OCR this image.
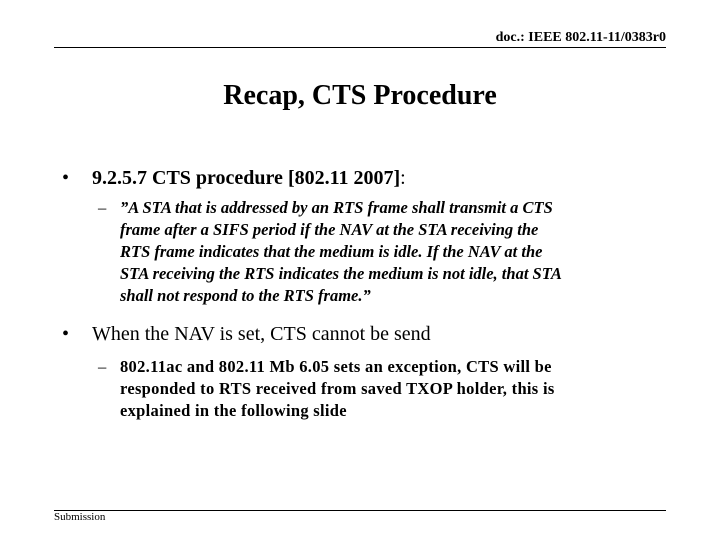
doc.: IEEE 802.11-11/0383r0
Recap, CTS Procedure
• 9.2.5.7 CTS procedure [802.11 2007]:
– ”A STA that is addressed by an RTS frame shall transmit a CTS
frame after a SIFS period if the NAV at the STA receiving the
RTS frame indicates that the medium is idle. If the NAV at the
STA receiving the RTS indicates the medium is not idle, that STA
shall not respond to the RTS frame.”
• When the NAV is set, CTS cannot be send
– 802.11ac and 802.11 Mb 6.05 sets an exception, CTS will be
responded to RTS received from saved TXOP holder, this is
explained in the following slide
Submission
